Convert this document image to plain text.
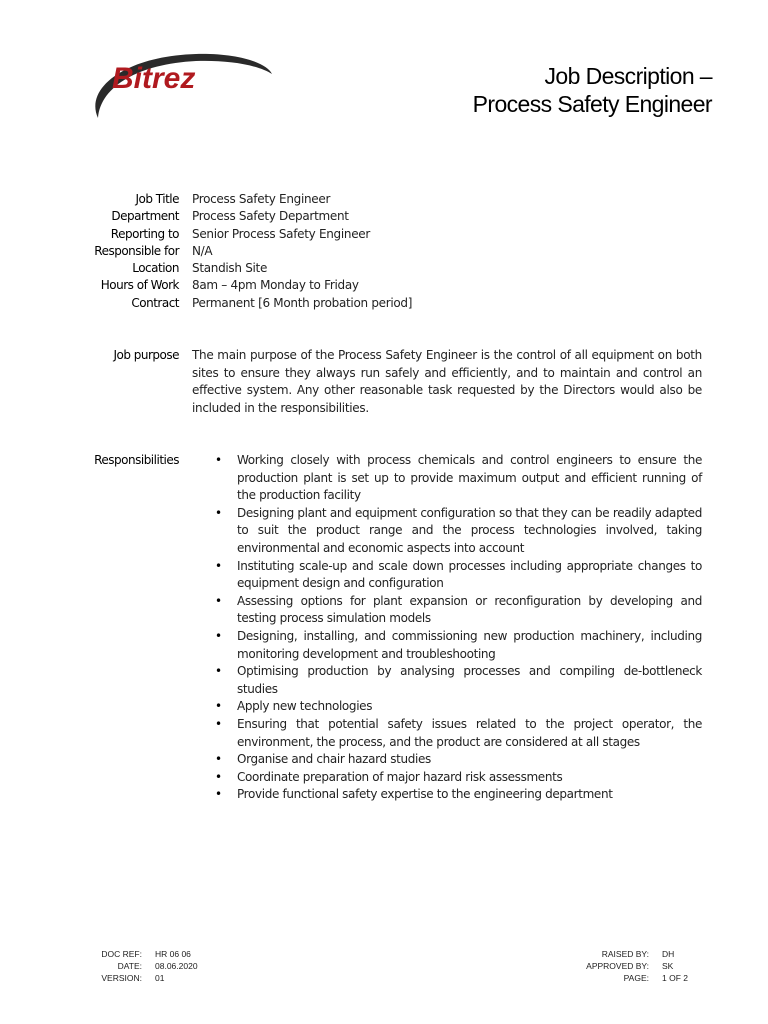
Bitrez	Job Description –
Process Safety Engineer
Job Title	Process Safety Engineer
Department	Process Safety Department
Reporting to	Senior Process Safety Engineer
Responsible for	N/A
Location	Standish Site
Hours of Work	8am – 4pm Monday to Friday
Contract	Permanent [6 Month probation period]
Job purpose	The main purpose of the Process Safety Engineer is the control of all equipment on both sites to ensure they always run safely and efficiently, and to maintain and control an effective system. Any other reasonable task requested by the Directors would also be included in the responsibilities.
Responsibilities	• Working closely with process chemicals and control engineers to ensure the production plant is set up to provide maximum output and efficient running of the production facility
• Designing plant and equipment configuration so that they can be readily adapted to suit the product range and the process technologies involved, taking environmental and economic aspects into account
• Instituting scale-up and scale down processes including appropriate changes to equipment design and configuration
• Assessing options for plant expansion or reconfiguration by developing and testing process simulation models
• Designing, installing, and commissioning new production machinery, including monitoring development and troubleshooting
• Optimising production by analysing processes and compiling de-bottleneck studies
• Apply new technologies
• Ensuring that potential safety issues related to the project operator, the environment, the process, and the product are considered at all stages
• Organise and chair hazard studies
• Coordinate preparation of major hazard risk assessments
• Provide functional safety expertise to the engineering department
DOC REF:	HR 06 06
DATE:	08.06.2020
VERSION:	01
RAISED BY:	DH
APPROVED BY:	SK
PAGE:	1 OF 2
